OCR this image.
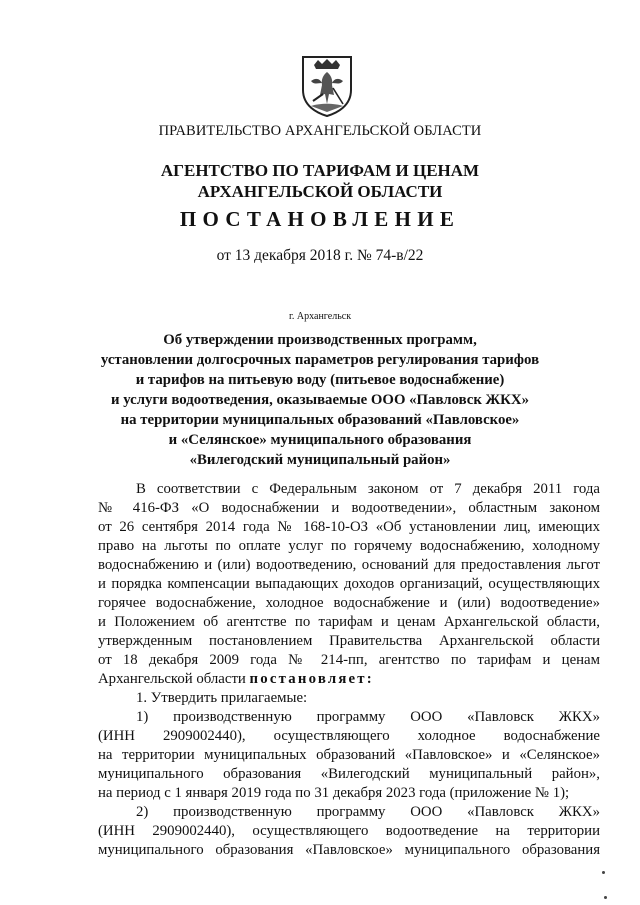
ПРАВИТЕЛЬСТВО АРХАНГЕЛЬСКОЙ ОБЛАСТИ
АГЕНТСТВО ПО ТАРИФАМ И ЦЕНАМ
АРХАНГЕЛЬСКОЙ ОБЛАСТИ
ПОСТАНОВЛЕНИЕ
от 13 декабря 2018 г. № 74-в/22
г. Архангельск
Об утверждении производственных программ,
установлении долгосрочных параметров регулирования тарифов
и тарифов на питьевую воду (питьевое водоснабжение)
и услуги водоотведения, оказываемые ООО «Павловск ЖКХ»
на территории муниципальных образований «Павловское»
и «Селянское» муниципального образования
«Вилегодский муниципальный район»
В соответствии с Федеральным законом от 7 декабря 2011 года
№ 416-ФЗ «О водоснабжении и водоотведении», областным законом
от 26 сентября 2014 года № 168-10-ОЗ «Об установлении лиц, имеющих
право на льготы по оплате услуг по горячему водоснабжению, холодному
водоснабжению и (или) водоотведению, оснований для предоставления льгот
и порядка компенсации выпадающих доходов организаций, осуществляющих
горячее водоснабжение, холодное водоснабжение и (или) водоотведение»
и Положением об агентстве по тарифам и ценам Архангельской области,
утвержденным постановлением Правительства Архангельской области
от 18 декабря 2009 года № 214-пп, агентство по тарифам и ценам
Архангельской области постановляет:
1. Утвердить прилагаемые:
1) производственную программу ООО «Павловск ЖКХ»
(ИНН 2909002440), осуществляющего холодное водоснабжение
на территории муниципальных образований «Павловское» и «Селянское»
муниципального образования «Вилегодский муниципальный район»,
на период с 1 января 2019 года по 31 декабря 2023 года (приложение № 1);
2) производственную программу ООО «Павловск ЖКХ»
(ИНН 2909002440), осуществляющего водоотведение на территории
муниципального образования «Павловское» муниципального образования
